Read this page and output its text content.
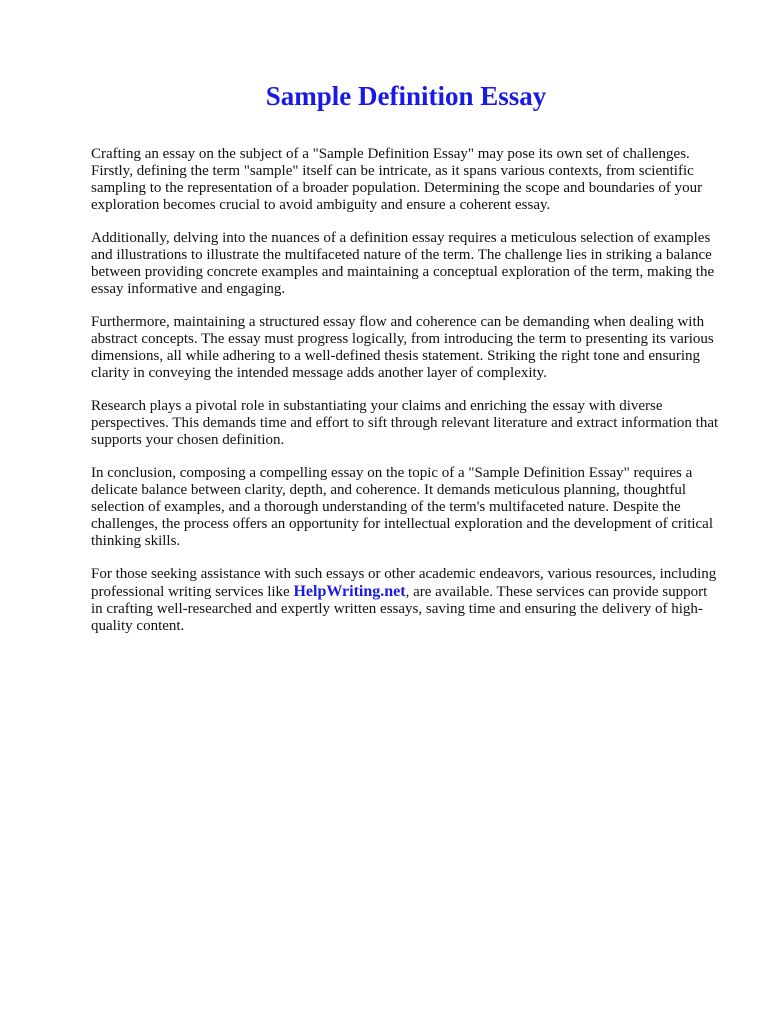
Sample Definition Essay

Crafting an essay on the subject of a "Sample Definition Essay" may pose its own set of challenges. Firstly, defining the term "sample" itself can be intricate, as it spans various contexts, from scientific sampling to the representation of a broader population. Determining the scope and boundaries of your exploration becomes crucial to avoid ambiguity and ensure a coherent essay.

Additionally, delving into the nuances of a definition essay requires a meticulous selection of examples and illustrations to illustrate the multifaceted nature of the term. The challenge lies in striking a balance between providing concrete examples and maintaining a conceptual exploration of the term, making the essay informative and engaging.

Furthermore, maintaining a structured essay flow and coherence can be demanding when dealing with abstract concepts. The essay must progress logically, from introducing the term to presenting its various dimensions, all while adhering to a well-defined thesis statement. Striking the right tone and ensuring clarity in conveying the intended message adds another layer of complexity.

Research plays a pivotal role in substantiating your claims and enriching the essay with diverse perspectives. This demands time and effort to sift through relevant literature and extract information that supports your chosen definition.

In conclusion, composing a compelling essay on the topic of a "Sample Definition Essay" requires a delicate balance between clarity, depth, and coherence. It demands meticulous planning, thoughtful selection of examples, and a thorough understanding of the term's multifaceted nature. Despite the challenges, the process offers an opportunity for intellectual exploration and the development of critical thinking skills.

For those seeking assistance with such essays or other academic endeavors, various resources, including professional writing services like HelpWriting.net, are available. These services can provide support in crafting well-researched and expertly written essays, saving time and ensuring the delivery of high-quality content.
